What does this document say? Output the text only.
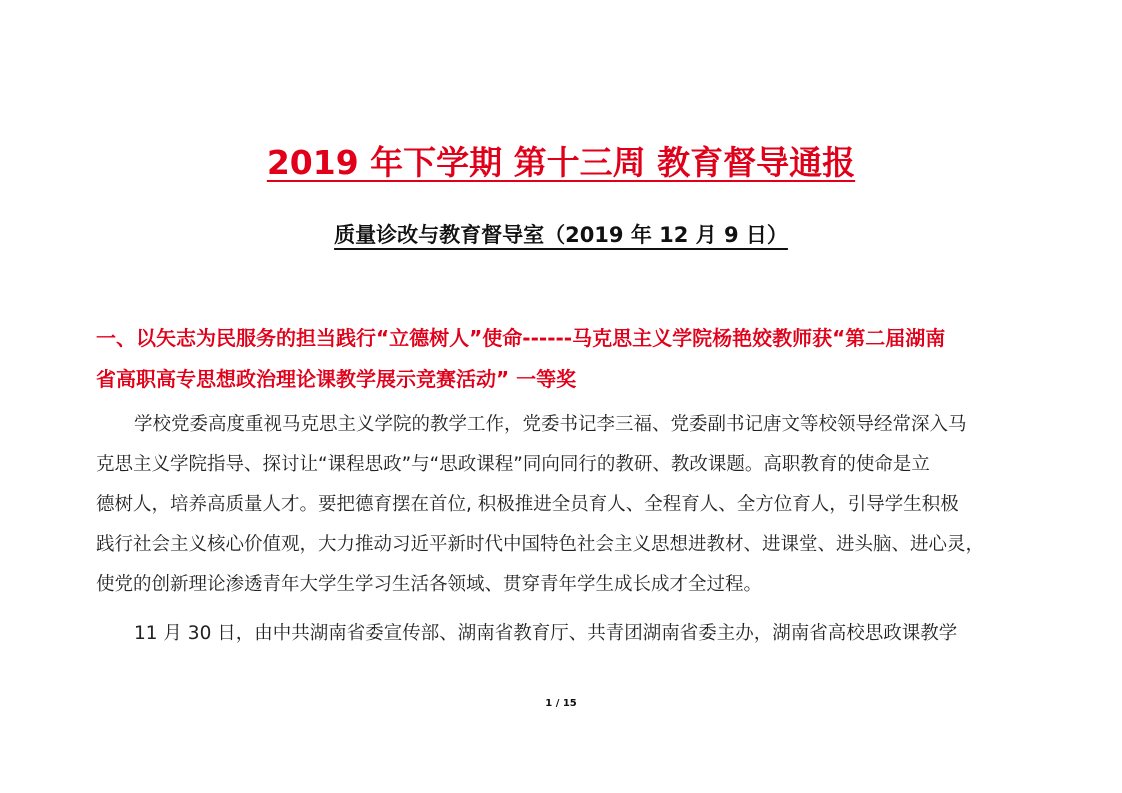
2019 年下学期 第十三周 教育督导通报
质量诊改与教育督导室（2019 年 12 月 9 日）
一、以矢志为民服务的担当践行“立德树人”使命------马克思主义学院杨艳姣教师获“第二届湖南
省高职高专思想政治理论课教学展示竞赛活动” 一等奖
学校党委高度重视马克思主义学院的教学工作，党委书记李三福、党委副书记唐文等校领导经常深入马
克思主义学院指导、探讨让“课程思政”与“思政课程”同向同行的教研、教改课题。高职教育的使命是立
德树人，培养高质量人才。要把德育摆在首位, 积极推进全员育人、全程育人、全方位育人，引导学生积极
践行社会主义核心价值观，大力推动习近平新时代中国特色社会主义思想进教材、进课堂、进头脑、进心灵，
使党的创新理论渗透青年大学生学习生活各领域、贯穿青年学生成长成才全过程。
11 月 30 日，由中共湖南省委宣传部、湖南省教育厅、共青团湖南省委主办，湖南省高校思政课教学
1 / 15
